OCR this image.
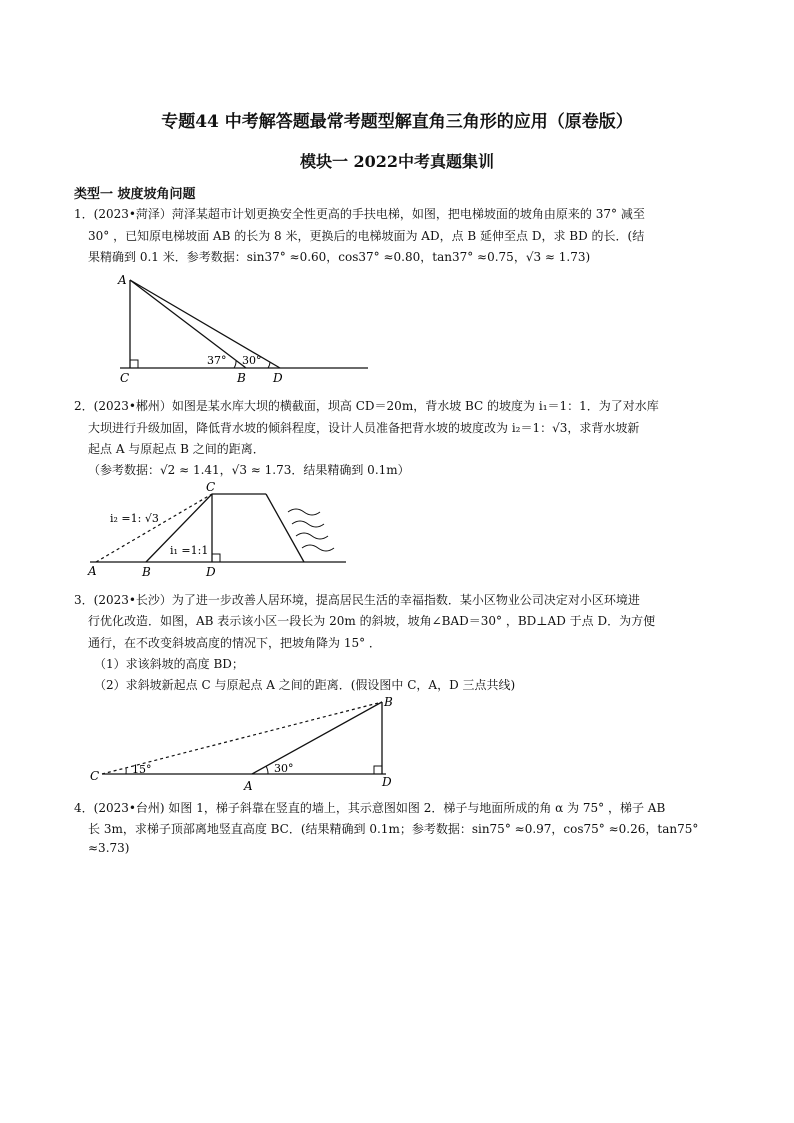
专题44 中考解答题最常考题型解直角三角形的应用（原卷版）
模块一 2022中考真题集训
类型一 坡度坡角问题
1．(2023•菏泽）菏泽某超市计划更换安全性更高的手扶电梯，如图，把电梯坡面的坡角由原来的 37° 减至
30° ，已知原电梯坡面 AB 的长为 8 米，更换后的电梯坡面为 AD，点 B 延伸至点 D，求 BD 的长．(结
果精确到 0.1 米．参考数据：sin37° ≈0.60，cos37° ≈0.80，tan37° ≈0.75，√3 ≈ 1.73)
A
C	B D
37° 30°
2．(2023•郴州）如图是某水库大坝的横截面，坝高 CD＝20m，背水坡 BC 的坡度为 i₁＝1：1．为了对水库
大坝进行升级加固，降低背水坡的倾斜程度，设计人员准备把背水坡的坡度改为 i₂＝1：√3，求背水坡新
起点 A 与原起点 B 之间的距离．
（参考数据：√2 ≈ 1.41，√3 ≈ 1.73．结果精确到 0.1m）
C
A	B	D
i₂ =1: √3
i₁ =1:1
3．(2023•长沙）为了进一步改善人居环境，提高居民生活的幸福指数．某小区物业公司决定对小区环境进
行优化改造．如图，AB 表示该小区一段长为 20m 的斜坡，坡角∠BAD＝30° ，BD⊥AD 于点 D．为方便
通行，在不改变斜坡高度的情况下，把坡角降为 15° ．
（1）求该斜坡的高度 BD；
（2）求斜坡新起点 C 与原起点 A 之间的距离．(假设图中 C，A，D 三点共线)
C
A
B
D
15°	30°
4．(2023•台州) 如图 1，梯子斜靠在竖直的墙上，其示意图如图 2．梯子与地面所成的角 α 为 75° ，梯子 AB
长 3m，求梯子顶部离地竖直高度 BC．(结果精确到 0.1m；参考数据：sin75° ≈0.97，cos75° ≈0.26，tan75°
≈3.73)
